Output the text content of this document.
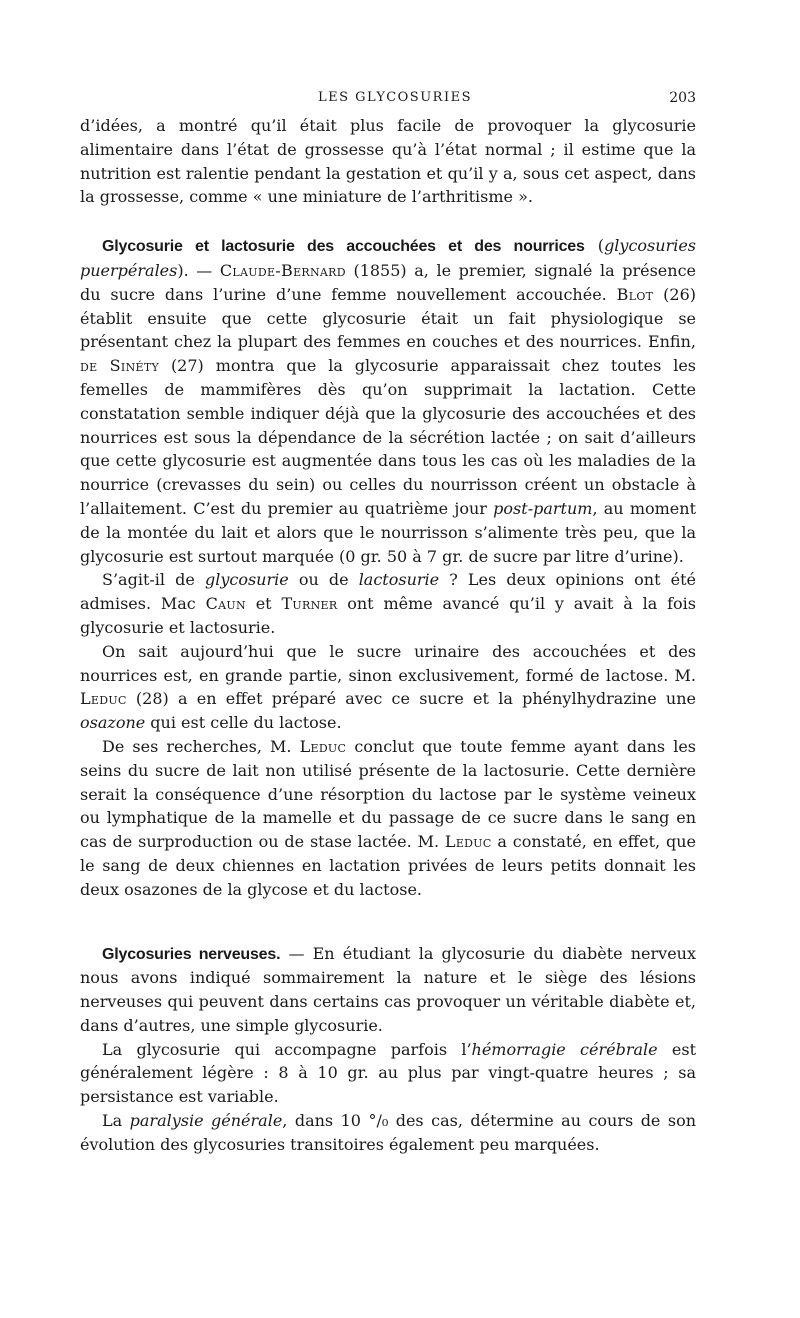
LES GLYCOSURIES	203

d’idées, a montré qu’il était plus facile de provoquer la glycosurie alimentaire dans l’état de grossesse qu’à l’état normal ; il estime que la nutrition est ralentie pendant la gestation et qu’il y a, sous cet aspect, dans la grossesse, comme « une miniature de l’arthritisme ».

Glycosurie et lactosurie des accouchées et des nourrices (glycosuries puerpérales). — Claude-Bernard (1855) a, le premier, signalé la présence du sucre dans l’urine d’une femme nouvellement accouchée. Blot (26) établit ensuite que cette glycosurie était un fait physiologique se présentant chez la plupart des femmes en couches et des nourrices. Enfin, de Sinéty (27) montra que la glycosurie apparaissait chez toutes les femelles de mammifères dès qu’on supprimait la lactation. Cette constatation semble indiquer déjà que la glycosurie des accouchées et des nourrices est sous la dépendance de la sécrétion lactée ; on sait d’ailleurs que cette glycosurie est augmentée dans tous les cas où les maladies de la nourrice (crevasses du sein) ou celles du nourrisson créent un obstacle à l’allaitement. C’est du premier au quatrième jour post-partum, au moment de la montée du lait et alors que le nourrisson s’alimente très peu, que la glycosurie est surtout marquée (0 gr. 50 à 7 gr. de sucre par litre d’urine).

S’agit-il de glycosurie ou de lactosurie ? Les deux opinions ont été admises. Mac Caun et Turner ont même avancé qu’il y avait à la fois glycosurie et lactosurie.

On sait aujourd’hui que le sucre urinaire des accouchées et des nourrices est, en grande partie, sinon exclusivement, formé de lactose. M. Leduc (28) a en effet préparé avec ce sucre et la phénylhydrazine une osazone qui est celle du lactose.

De ses recherches, M. Leduc conclut que toute femme ayant dans les seins du sucre de lait non utilisé présente de la lactosurie. Cette dernière serait la conséquence d’une résorption du lactose par le système veineux ou lymphatique de la mamelle et du passage de ce sucre dans le sang en cas de surproduction ou de stase lactée. M. Leduc a constaté, en effet, que le sang de deux chiennes en lactation privées de leurs petits donnait les deux osazones de la glycose et du lactose.

Glycosuries nerveuses. — En étudiant la glycosurie du diabète nerveux nous avons indiqué sommairement la nature et le siège des lésions nerveuses qui peuvent dans certains cas provoquer un véritable diabète et, dans d’autres, une simple glycosurie.

La glycosurie qui accompagne parfois l’hémorragie cérébrale est généralement légère : 8 à 10 gr. au plus par vingt-quatre heures ; sa persistance est variable.

La paralysie générale, dans 10 °/₀ des cas, détermine au cours de son évolution des glycosuries transitoires également peu marquées.
